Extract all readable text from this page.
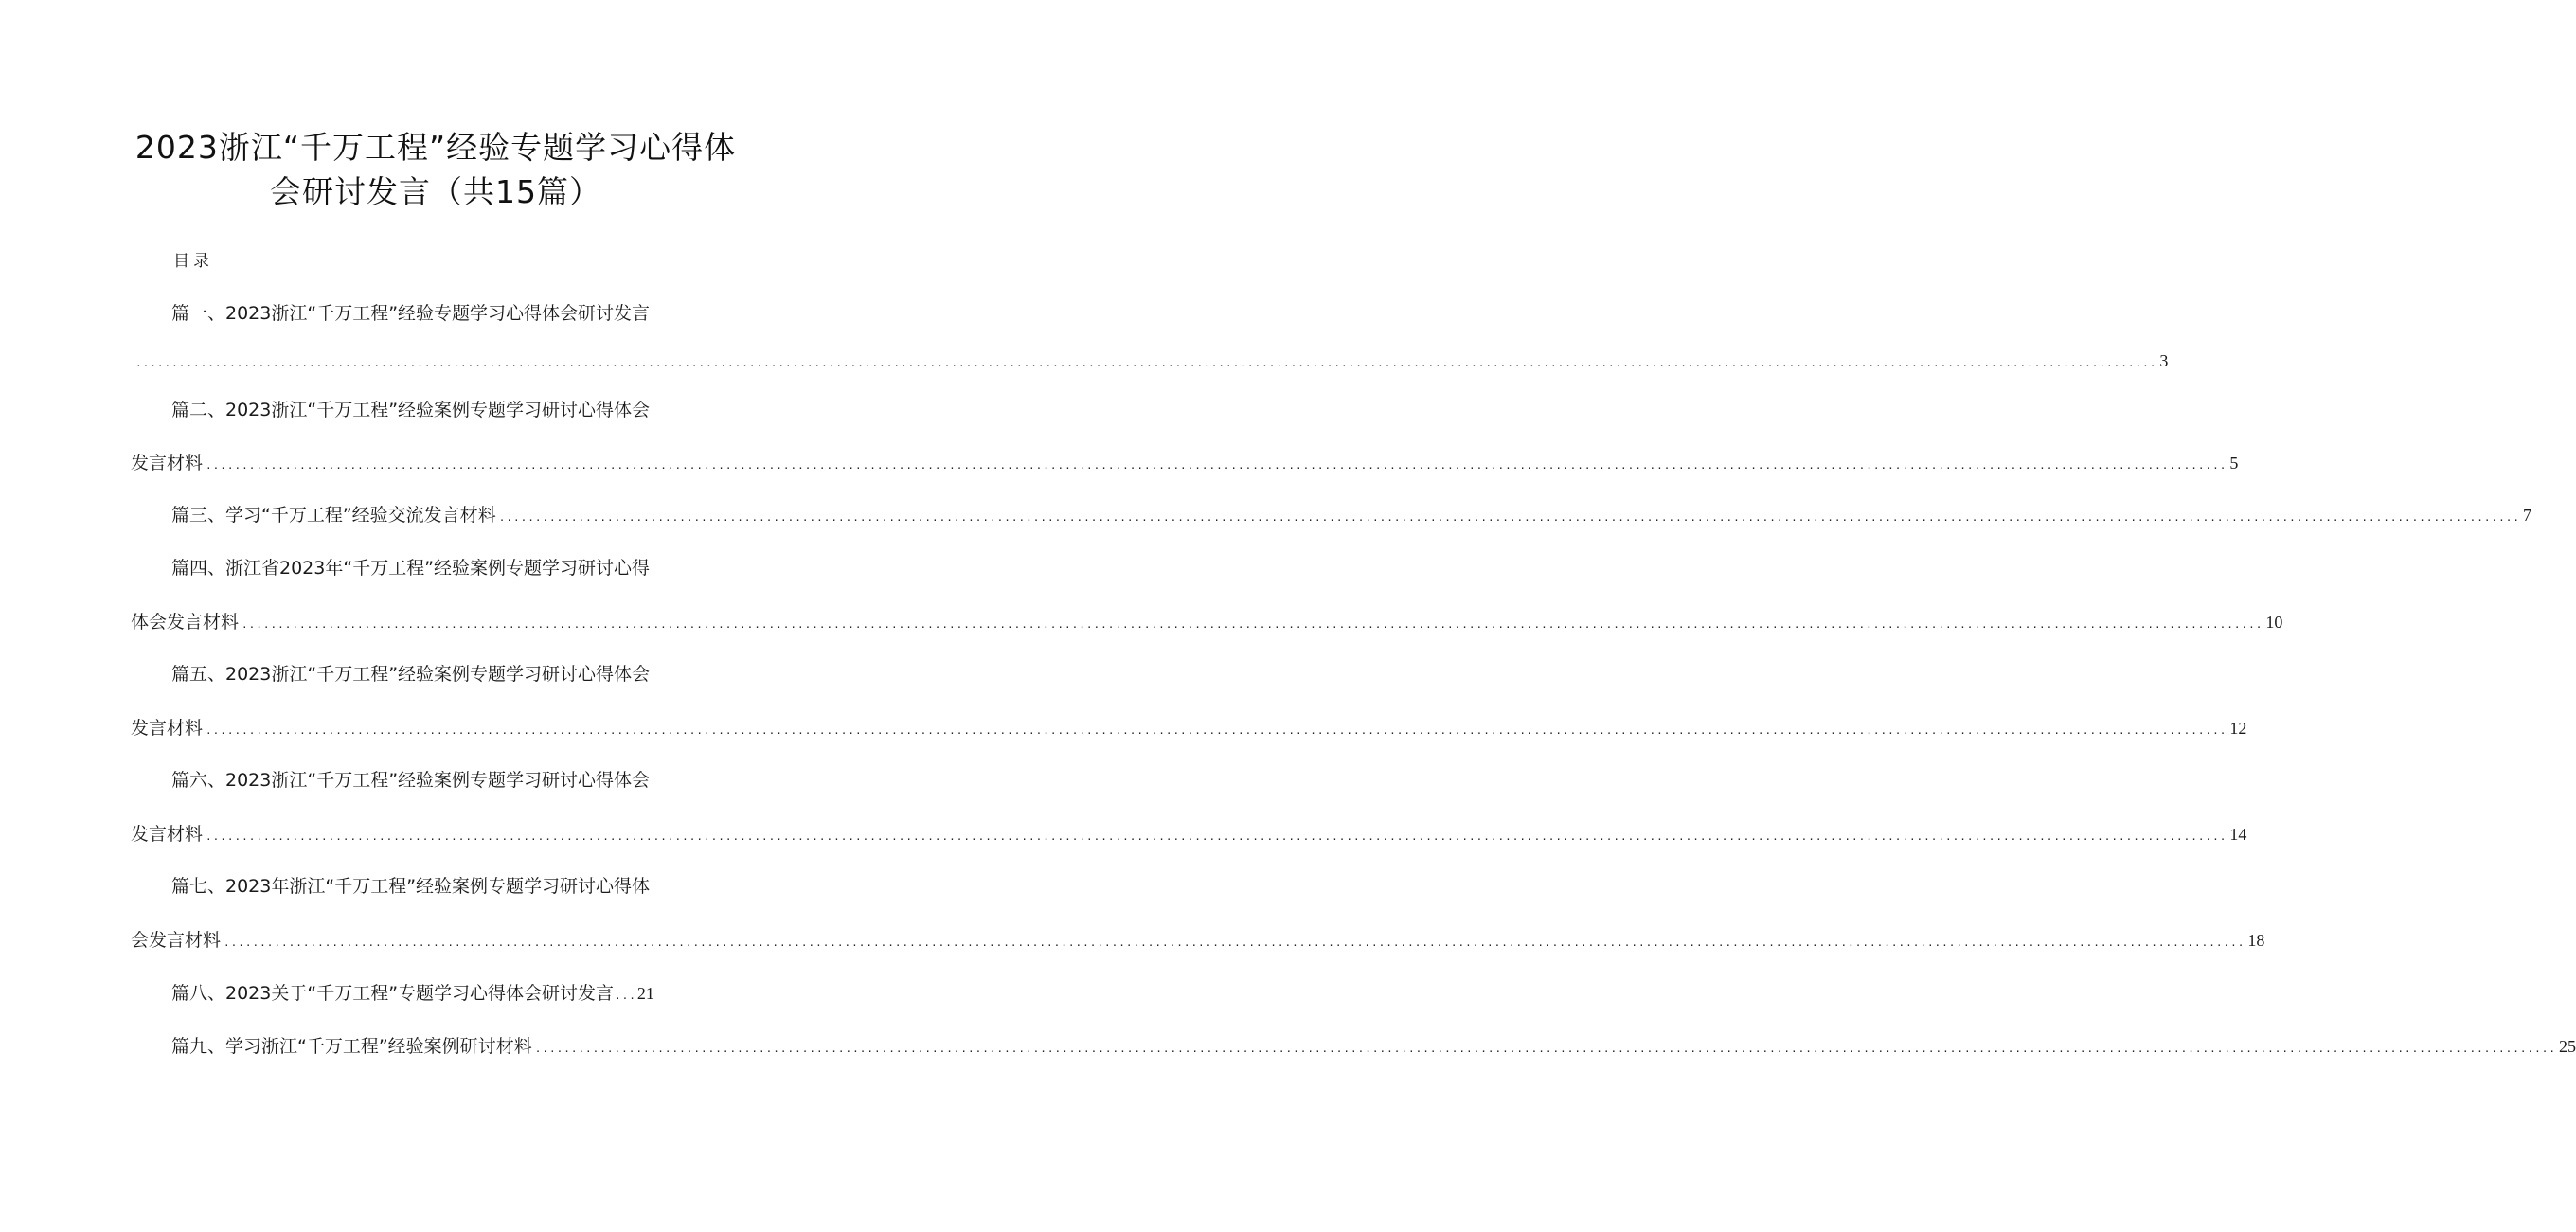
2023浙江“千万工程”经验专题学习心得体
会研讨发言（共15篇）
目录
篇一、2023浙江“千万工程”经验专题学习心得体会研讨发言
........................................................................................................................................................................................................................................................................................ 3
篇二、2023浙江“千万工程”经验案例专题学习研讨心得体会
发言材料 ........................................................................................................................................................................................................................................................................................ 5
篇三、学习“千万工程”经验交流发言材料 ........................................................................................................................................................................................................................................................................................ 7
篇四、浙江省2023年“千万工程”经验案例专题学习研讨心得
体会发言材料 ........................................................................................................................................................................................................................................................................................ 10
篇五、2023浙江“千万工程”经验案例专题学习研讨心得体会
发言材料 ........................................................................................................................................................................................................................................................................................ 12
篇六、2023浙江“千万工程”经验案例专题学习研讨心得体会
发言材料 ........................................................................................................................................................................................................................................................................................ 14
篇七、2023年浙江“千万工程”经验案例专题学习研讨心得体
会发言材料 ........................................................................................................................................................................................................................................................................................ 18
篇八、2023关于“千万工程”专题学习心得体会研讨发言 ... 21
篇九、学习浙江“千万工程”经验案例研讨材料 ........................................................................................................................................................................................................................................................................................ 25
